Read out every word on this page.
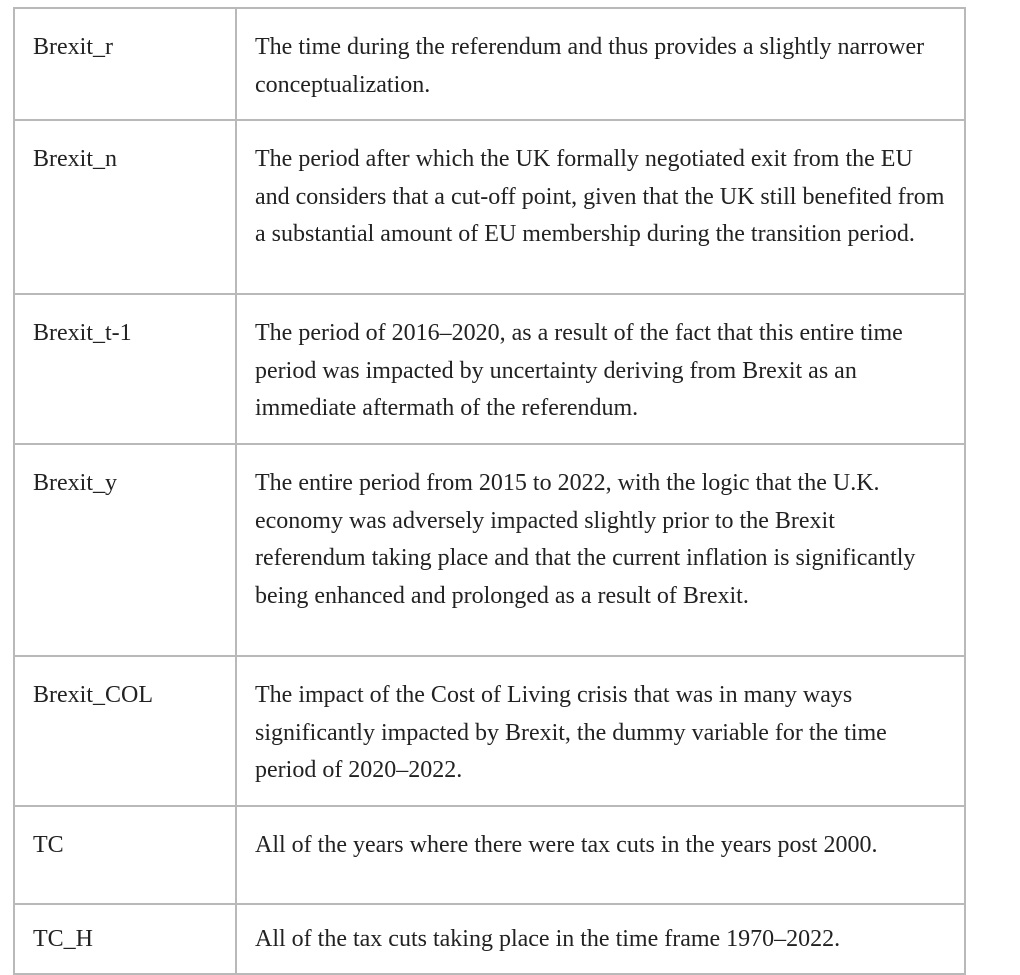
Brexit_r	The time during the referendum and thus provides a slightly narrower conceptualization.
Brexit_n	The period after which the UK formally negotiated exit from the EU and considers that a cut-off point, given that the UK still benefited from a substantial amount of EU membership during the transition period.
Brexit_t-1	The period of 2016–2020, as a result of the fact that this entire time period was impacted by uncertainty deriving from Brexit as an immediate aftermath of the referendum.
Brexit_y	The entire period from 2015 to 2022, with the logic that the U.K. economy was adversely impacted slightly prior to the Brexit referendum taking place and that the current inflation is significantly being enhanced and prolonged as a result of Brexit.
Brexit_COL	The impact of the Cost of Living crisis that was in many ways significantly impacted by Brexit, the dummy variable for the time period of 2020–2022.
TC	All of the years where there were tax cuts in the years post 2000.
TC_H	All of the tax cuts taking place in the time frame 1970–2022.
